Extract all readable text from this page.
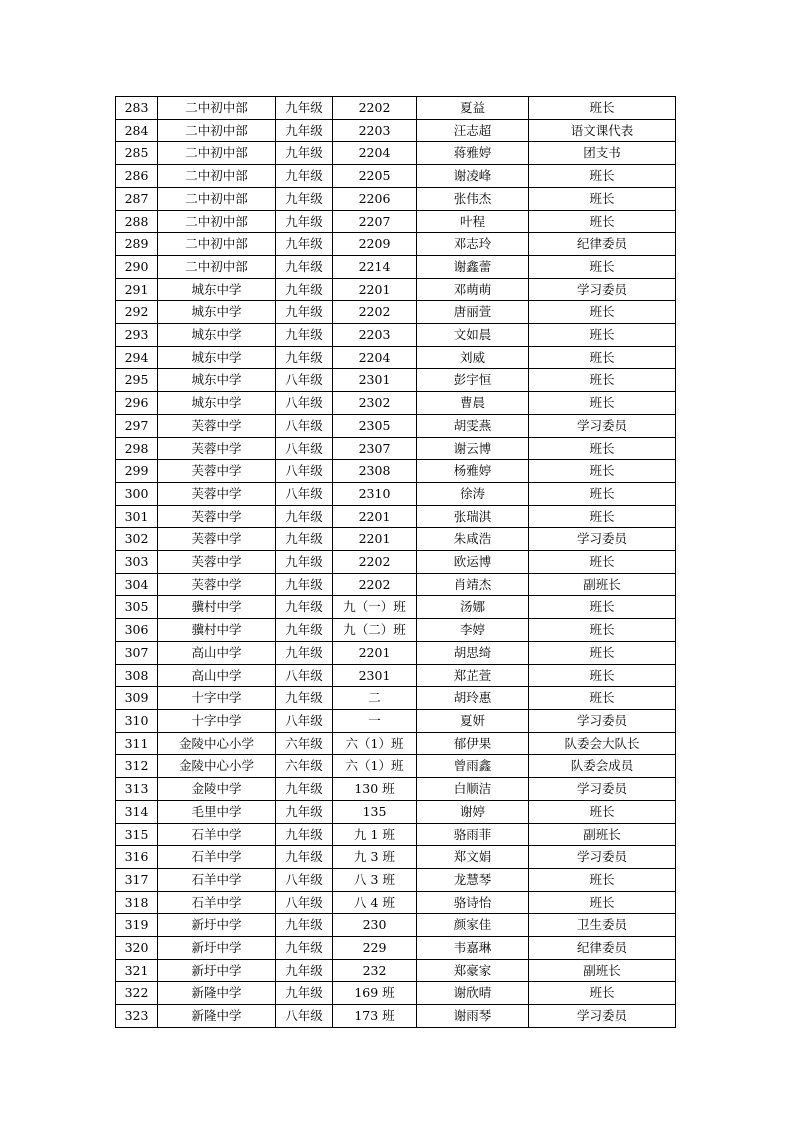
283	二中初中部	九年级	2202	夏益	班长
284	二中初中部	九年级	2203	汪志超	语文课代表
285	二中初中部	九年级	2204	蒋雅婷	团支书
286	二中初中部	九年级	2205	谢凌峰	班长
287	二中初中部	九年级	2206	张伟杰	班长
288	二中初中部	九年级	2207	叶程	班长
289	二中初中部	九年级	2209	邓志玲	纪律委员
290	二中初中部	九年级	2214	谢鑫蕾	班长
291	城东中学	九年级	2201	邓萌萌	学习委员
292	城东中学	九年级	2202	唐丽萱	班长
293	城东中学	九年级	2203	文如晨	班长
294	城东中学	九年级	2204	刘威	班长
295	城东中学	八年级	2301	彭宇恒	班长
296	城东中学	八年级	2302	曹晨	班长
297	芙蓉中学	八年级	2305	胡雯燕	学习委员
298	芙蓉中学	八年级	2307	谢云博	班长
299	芙蓉中学	八年级	2308	杨雅婷	班长
300	芙蓉中学	八年级	2310	徐涛	班长
301	芙蓉中学	九年级	2201	张瑞淇	班长
302	芙蓉中学	九年级	2201	朱咸浩	学习委员
303	芙蓉中学	九年级	2202	欧运博	班长
304	芙蓉中学	九年级	2202	肖靖杰	副班长
305	骥村中学	九年级	九（一）班	汤娜	班长
306	骥村中学	九年级	九（二）班	李婷	班长
307	高山中学	九年级	2201	胡思绮	班长
308	高山中学	八年级	2301	郑芷萱	班长
309	十字中学	九年级	二	胡玲惠	班长
310	十字中学	八年级	一	夏妍	学习委员
311	金陵中心小学	六年级	六（1）班	郁伊果	队委会大队长
312	金陵中心小学	六年级	六（1）班	曾雨鑫	队委会成员
313	金陵中学	九年级	130 班	白顺洁	学习委员
314	毛里中学	九年级	135	谢婷	班长
315	石羊中学	九年级	九 1 班	骆雨菲	副班长
316	石羊中学	九年级	九 3 班	郑文娟	学习委员
317	石羊中学	八年级	八 3 班	龙慧琴	班长
318	石羊中学	八年级	八 4 班	骆诗怡	班长
319	新圩中学	九年级	230	颜家佳	卫生委员
320	新圩中学	九年级	229	韦嘉琳	纪律委员
321	新圩中学	九年级	232	郑豪家	副班长
322	新隆中学	九年级	169 班	谢欣晴	班长
323	新隆中学	八年级	173 班	谢雨琴	学习委员
